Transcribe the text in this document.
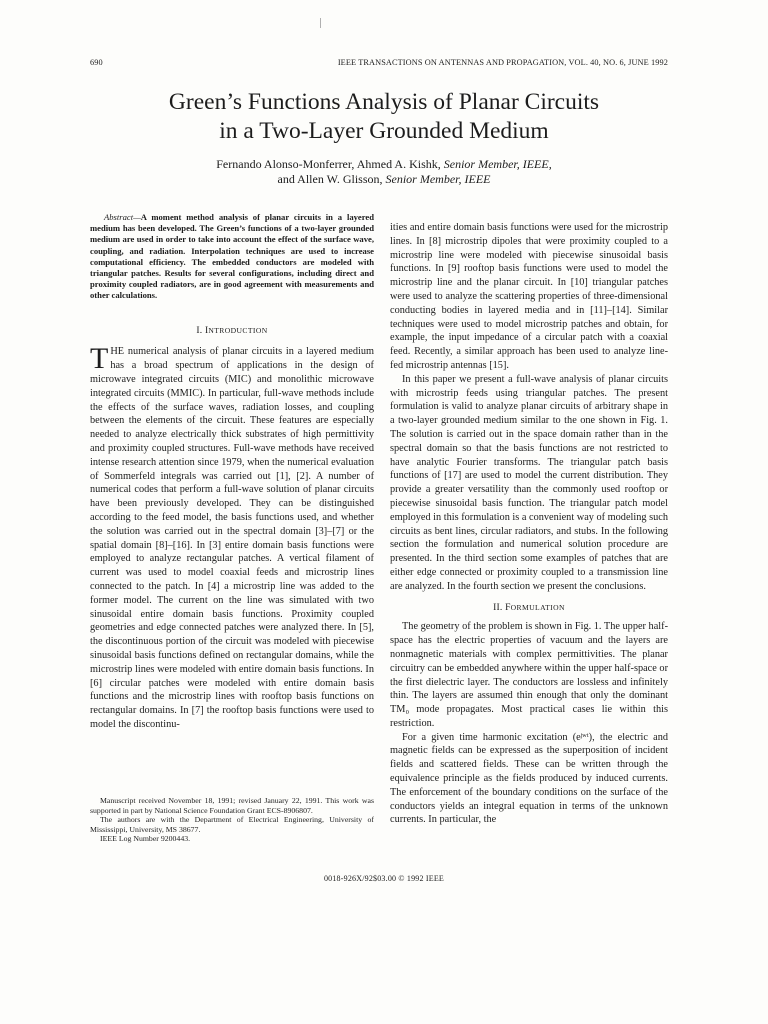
690	IEEE TRANSACTIONS ON ANTENNAS AND PROPAGATION, VOL. 40, NO. 6, JUNE 1992
Green’s Functions Analysis of Planar Circuits
in a Two-Layer Grounded Medium
Fernando Alonso-Monferrer, Ahmed A. Kishk, Senior Member, IEEE,
and Allen W. Glisson, Senior Member, IEEE

Abstract—A moment method analysis of planar circuits in a layered medium has been developed. The Green’s functions of a two-layer grounded medium are used in order to take into account the effect of the surface wave, coupling, and radiation. Interpolation techniques are used to increase computational efficiency. The embedded conductors are modeled with triangular patches. Results for several configurations, including direct and proximity coupled radiators, are in good agreement with measurements and other calculations.

I. INTRODUCTION

THE numerical analysis of planar circuits in a layered medium has a broad spectrum of applications in the design of microwave integrated circuits (MIC) and monolithic microwave integrated circuits (MMIC). In particular, full-wave methods include the effects of the surface waves, radiation losses, and coupling between the elements of the circuit. These features are especially needed to analyze electrically thick substrates of high permittivity and proximity coupled structures. Full-wave methods have received intense research attention since 1979, when the numerical evaluation of Sommerfeld integrals was carried out [1], [2]. A number of numerical codes that perform a full-wave solution of planar circuits have been previously developed. They can be distinguished according to the feed model, the basis functions used, and whether the solution was carried out in the spectral domain [3]–[7] or the spatial domain [8]–[16]. In [3] entire domain basis functions were employed to analyze rectangular patches. A vertical filament of current was used to model coaxial feeds and microstrip lines connected to the patch. In [4] a microstrip line was added to the former model. The current on the line was simulated with two sinusoidal entire domain basis functions. Proximity coupled geometries and edge connected patches were analyzed there. In [5], the discontinuous portion of the circuit was modeled with piecewise sinusoidal basis functions defined on rectangular domains, while the microstrip lines were modeled with entire domain basis functions. In [6] circular patches were modeled with entire domain basis functions and the microstrip lines with rooftop basis functions on rectangular domains. In [7] the rooftop basis functions were used to model the discontinu-

Manuscript received November 18, 1991; revised January 22, 1991. This work was supported in part by National Science Foundation Grant ECS-8906807.

The authors are with the Department of Electrical Engineering, University of Mississippi, University, MS 38677.

IEEE Log Number 9200443.

ities and entire domain basis functions were used for the microstrip lines. In [8] microstrip dipoles that were proximity coupled to a microstrip line were modeled with piecewise sinusoidal basis functions. In [9] rooftop basis functions were used to model the microstrip line and the planar circuit. In [10] triangular patches were used to analyze the scattering properties of three-dimensional conducting bodies in layered media and in [11]–[14]. Similar techniques were used to model microstrip patches and obtain, for example, the input impedance of a circular patch with a coaxial feed. Recently, a similar approach has been used to analyze line-fed microstrip antennas [15].

In this paper we present a full-wave analysis of planar circuits with microstrip feeds using triangular patches. The present formulation is valid to analyze planar circuits of arbitrary shape in a two-layer grounded medium similar to the one shown in Fig. 1. The solution is carried out in the space domain rather than in the spectral domain so that the basis functions are not restricted to have analytic Fourier transforms. The triangular patch basis functions of [17] are used to model the current distribution. They provide a greater versatility than the commonly used rooftop or piecewise sinusoidal basis function. The triangular patch model employed in this formulation is a convenient way of modeling such circuits as bent lines, circular radiators, and stubs. In the following section the formulation and numerical solution procedure are presented. In the third section some examples of patches that are either edge connected or proximity coupled to a transmission line are analyzed. In the fourth section we present the conclusions.

II. FORMULATION

The geometry of the problem is shown in Fig. 1. The upper half-space has the electric properties of vacuum and the layers are nonmagnetic materials with complex permittivities. The planar circuitry can be embedded anywhere within the upper half-space or the first dielectric layer. The conductors are lossless and infinitely thin. The layers are assumed thin enough that only the dominant TM₀ mode propagates. Most practical cases lie within this restriction.

For a given time harmonic excitation (eʲʷᵗ), the electric and magnetic fields can be expressed as the superposition of incident fields and scattered fields. These can be written through the equivalence principle as the fields produced by induced currents. The enforcement of the boundary conditions on the surface of the conductors yields an integral equation in terms of the unknown currents. In particular, the

0018-926X/92$03.00 © 1992 IEEE
